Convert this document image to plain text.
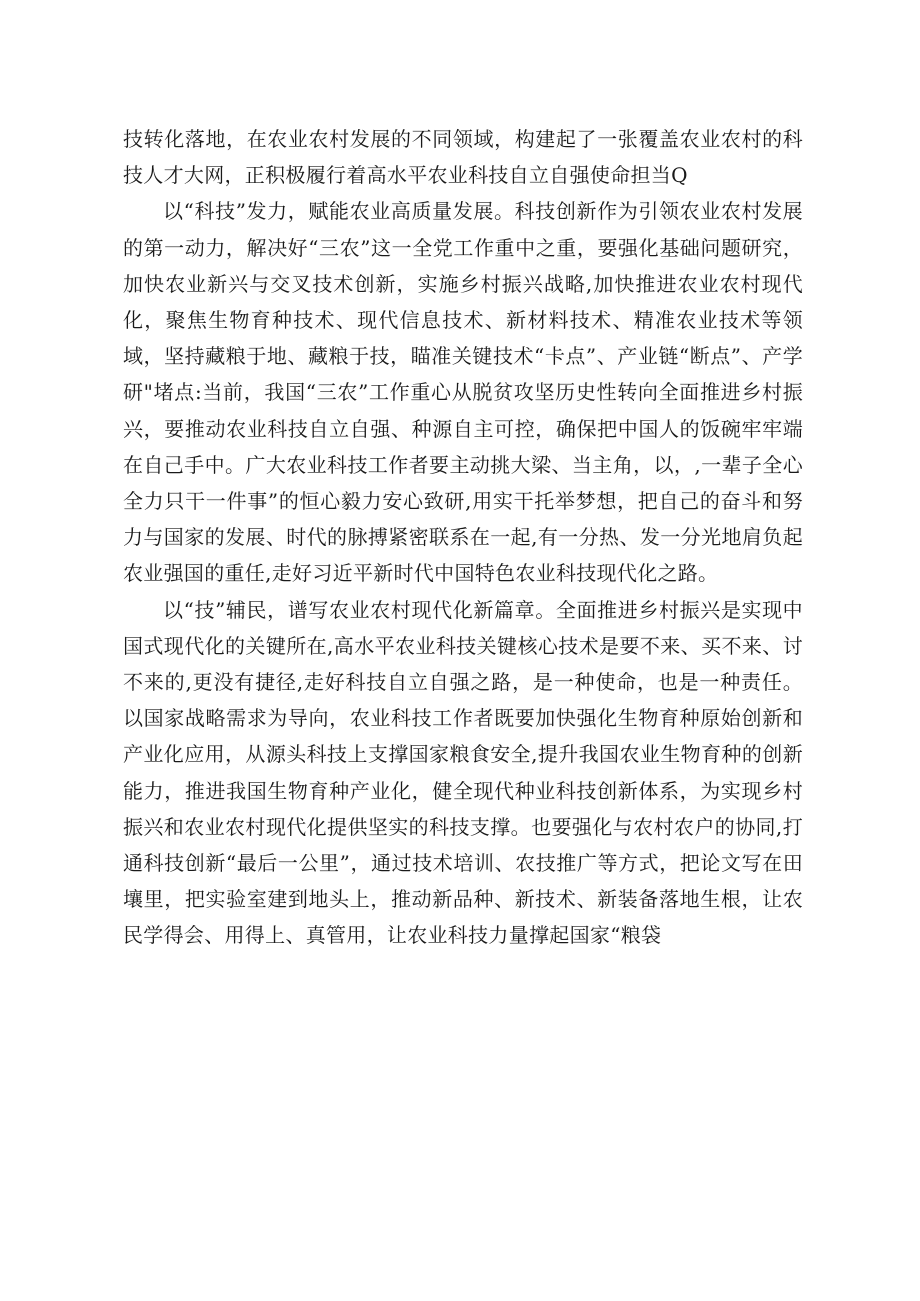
技转化落地，在农业农村发展的不同领域，构建起了一张覆盖农业农村的科技人才大网，正积极履行着高水平农业科技自立自强使命担当Q

以“科技”发力，赋能农业高质量发展。科技创新作为引领农业农村发展的第一动力，解决好“三农”这一全党工作重中之重，要强化基础问题研究，加快农业新兴与交叉技术创新，实施乡村振兴战略,加快推进农业农村现代化，聚焦生物育种技术、现代信息技术、新材料技术、精准农业技术等领域，坚持藏粮于地、藏粮于技，瞄准关键技术“卡点”、产业链“断点”、产学研"堵点:当前，我国“三农”工作重心从脱贫攻坚历史性转向全面推进乡村振兴，要推动农业科技自立自强、种源自主可控，确保把中国人的饭碗牢牢端在自己手中。广大农业科技工作者要主动挑大梁、当主角，以，,一辈子全心全力只干一件事”的恒心毅力安心致研,用实干托举梦想，把自己的奋斗和努力与国家的发展、时代的脉搏紧密联系在一起,有一分热、发一分光地肩负起农业强国的重任,走好习近平新时代中国特色农业科技现代化之路。

以“技”辅民，谱写农业农村现代化新篇章。全面推进乡村振兴是实现中国式现代化的关键所在,高水平农业科技关键核心技术是要不来、买不来、讨不来的,更没有捷径,走好科技自立自强之路，是一种使命，也是一种责任。以国家战略需求为导向，农业科技工作者既要加快强化生物育种原始创新和产业化应用，从源头科技上支撑国家粮食安全,提升我国农业生物育种的创新能力，推进我国生物育种产业化，健全现代种业科技创新体系，为实现乡村振兴和农业农村现代化提供坚实的科技支撑。也要强化与农村农户的协同,打通科技创新“最后一公里”，通过技术培训、农技推广等方式，把论文写在田壤里，把实验室建到地头上，推动新品种、新技术、新装备落地生根，让农民学得会、用得上、真管用，让农业科技力量撑起国家“粮袋
